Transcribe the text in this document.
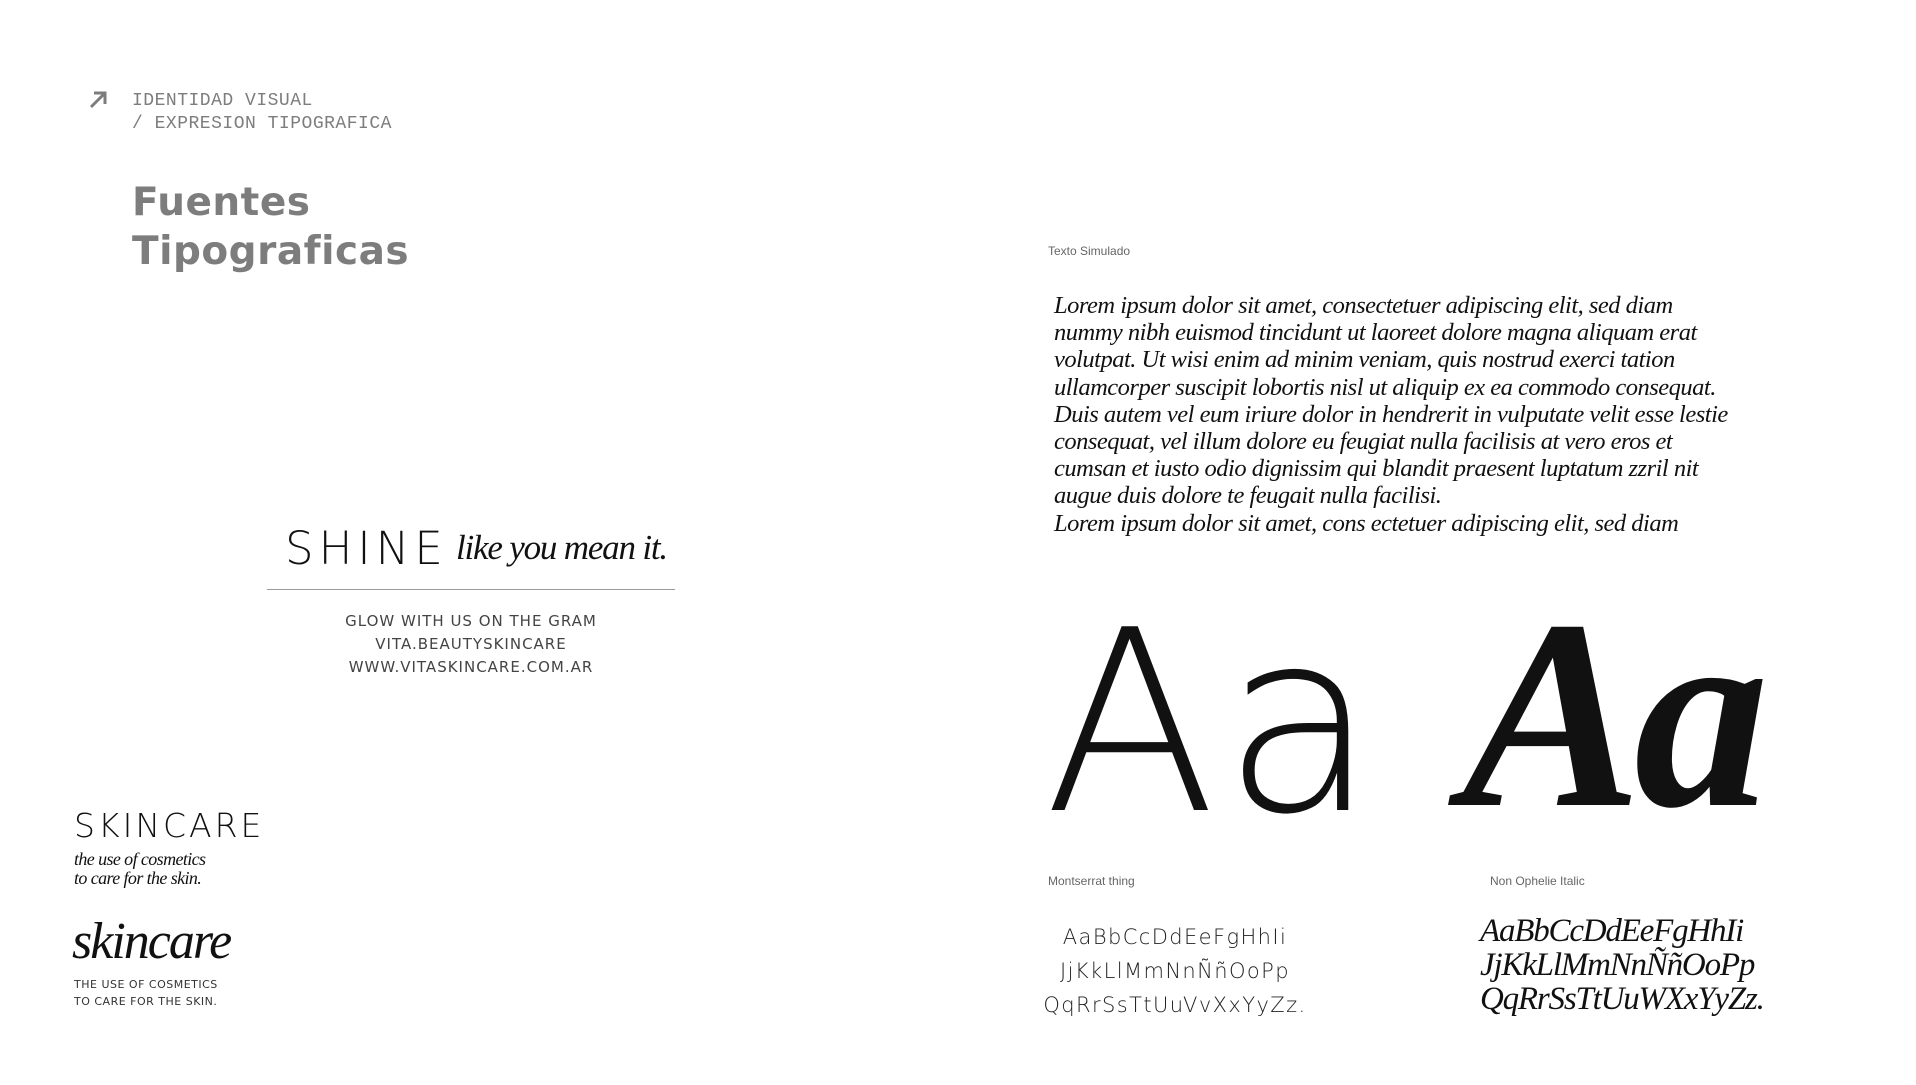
IDENTIDAD VISUAL
/ EXPRESION TIPOGRAFICA
Fuentes
Tipograficas
SHINE like you mean it.
GLOW WITH US ON THE GRAM
VITA.BEAUTYSKINCARE
WWW.VITASKINCARE.COM.AR
SKINCARE
the use of cosmetics
to care for the skin.
skincare
THE USE OF COSMETICS
TO CARE FOR THE SKIN.
Texto Simulado
Lorem ipsum dolor sit amet, consectetuer adipiscing elit, sed diam
nummy nibh euismod tincidunt ut laoreet dolore magna aliquam erat
volutpat. Ut wisi enim ad minim veniam, quis nostrud exerci tation
ullamcorper suscipit lobortis nisl ut aliquip ex ea commodo consequat.
Duis autem vel eum iriure dolor in hendrerit in vulputate velit esse lestie
consequat, vel illum dolore eu feugiat nulla facilisis at vero eros et
cumsan et iusto odio dignissim qui blandit praesent luptatum zzril nit
augue duis dolore te feugait nulla facilisi.
Lorem ipsum dolor sit amet, cons ectetuer adipiscing elit, sed diam
Aa Aa
Montserrat thing	Non Ophelie Italic
AaBbCcDdEeFgHhIi
JjKkLlMmNnÑñOoPp
QqRrSsTtUuVvXxYyZz.
AaBbCcDdEeFgHhIi
JjKkLlMmNnÑñOoPp
QqRrSsTtUuWXxYyZz.
